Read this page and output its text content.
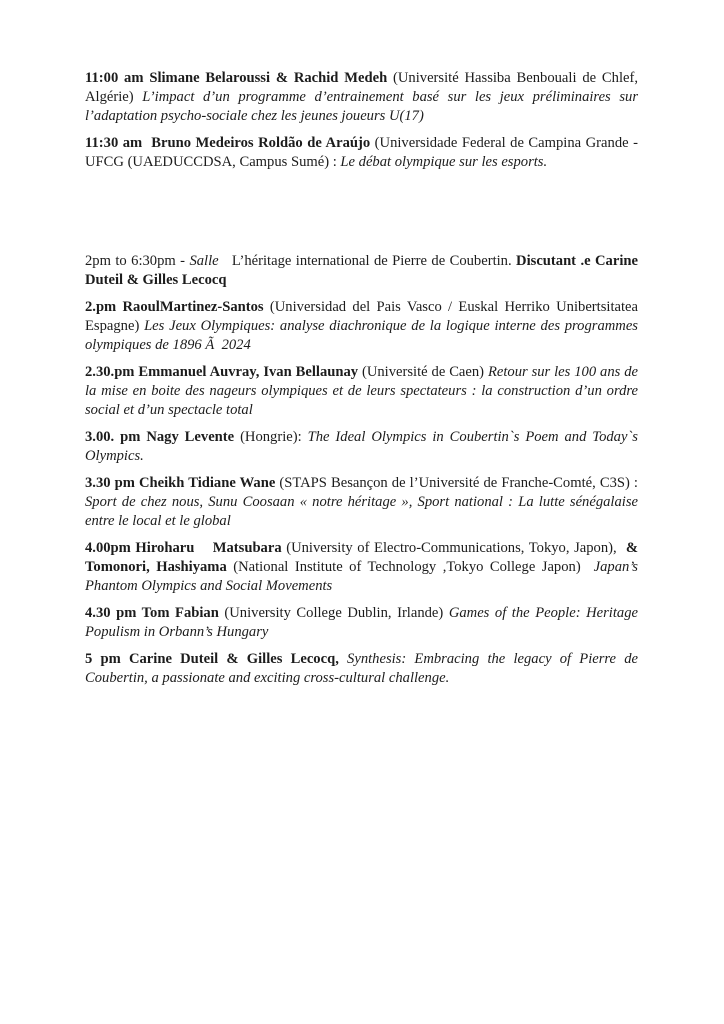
11:00 am Slimane Belaroussi & Rachid Medeh (Université Hassiba Benbouali de Chlef, Algérie) L’impact d’un programme d’entrainement basé sur les jeux préliminaires sur l’adaptation psycho-sociale chez les jeunes joueurs U(17)

11:30 am  Bruno Medeiros Roldão de Araújo (Universidade Federal de Campina Grande - UFCG (UAEDUCCDSA, Campus Sumé) : Le débat olympique sur les esports.

2pm to 6:30pm - Salle   L’héritage international de Pierre de Coubertin. Discutant .e Carine Duteil & Gilles Lecocq

2.pm RaoulMartinez-Santos (Universidad del Pais Vasco / Euskal Herriko Unibertsitatea Espagne) Les Jeux Olympiques: analyse diachronique de la logique interne des programmes olympiques de 1896 Ã  2024

2.30.pm Emmanuel Auvray, Ivan Bellaunay (Université de Caen) Retour sur les 100 ans de la mise en boite des nageurs olympiques et de leurs spectateurs : la construction d’un ordre social et d’un spectacle total

3.00. pm Nagy Levente (Hongrie): The Ideal Olympics in Coubertin`s Poem and Today`s Olympics.

3.30 pm Cheikh Tidiane Wane (STAPS Besançon de l’Université de Franche-Comté, C3S) : Sport de chez nous, Sunu Coosaan « notre héritage », Sport national : La lutte sénégalaise entre le local et le global

4.00pm Hiroharu    Matsubara (University of Electro-Communications, Tokyo, Japon),  & Tomonori, Hashiyama (National Institute of Technology ,Tokyo College Japon)  Japan’s Phantom Olympics and Social Movements

4.30 pm Tom Fabian (University College Dublin, Irlande) Games of the People: Heritage Populism in Orbann’s Hungary

5 pm Carine Duteil & Gilles Lecocq, Synthesis: Embracing the legacy of Pierre de Coubertin, a passionate and exciting cross-cultural challenge.
